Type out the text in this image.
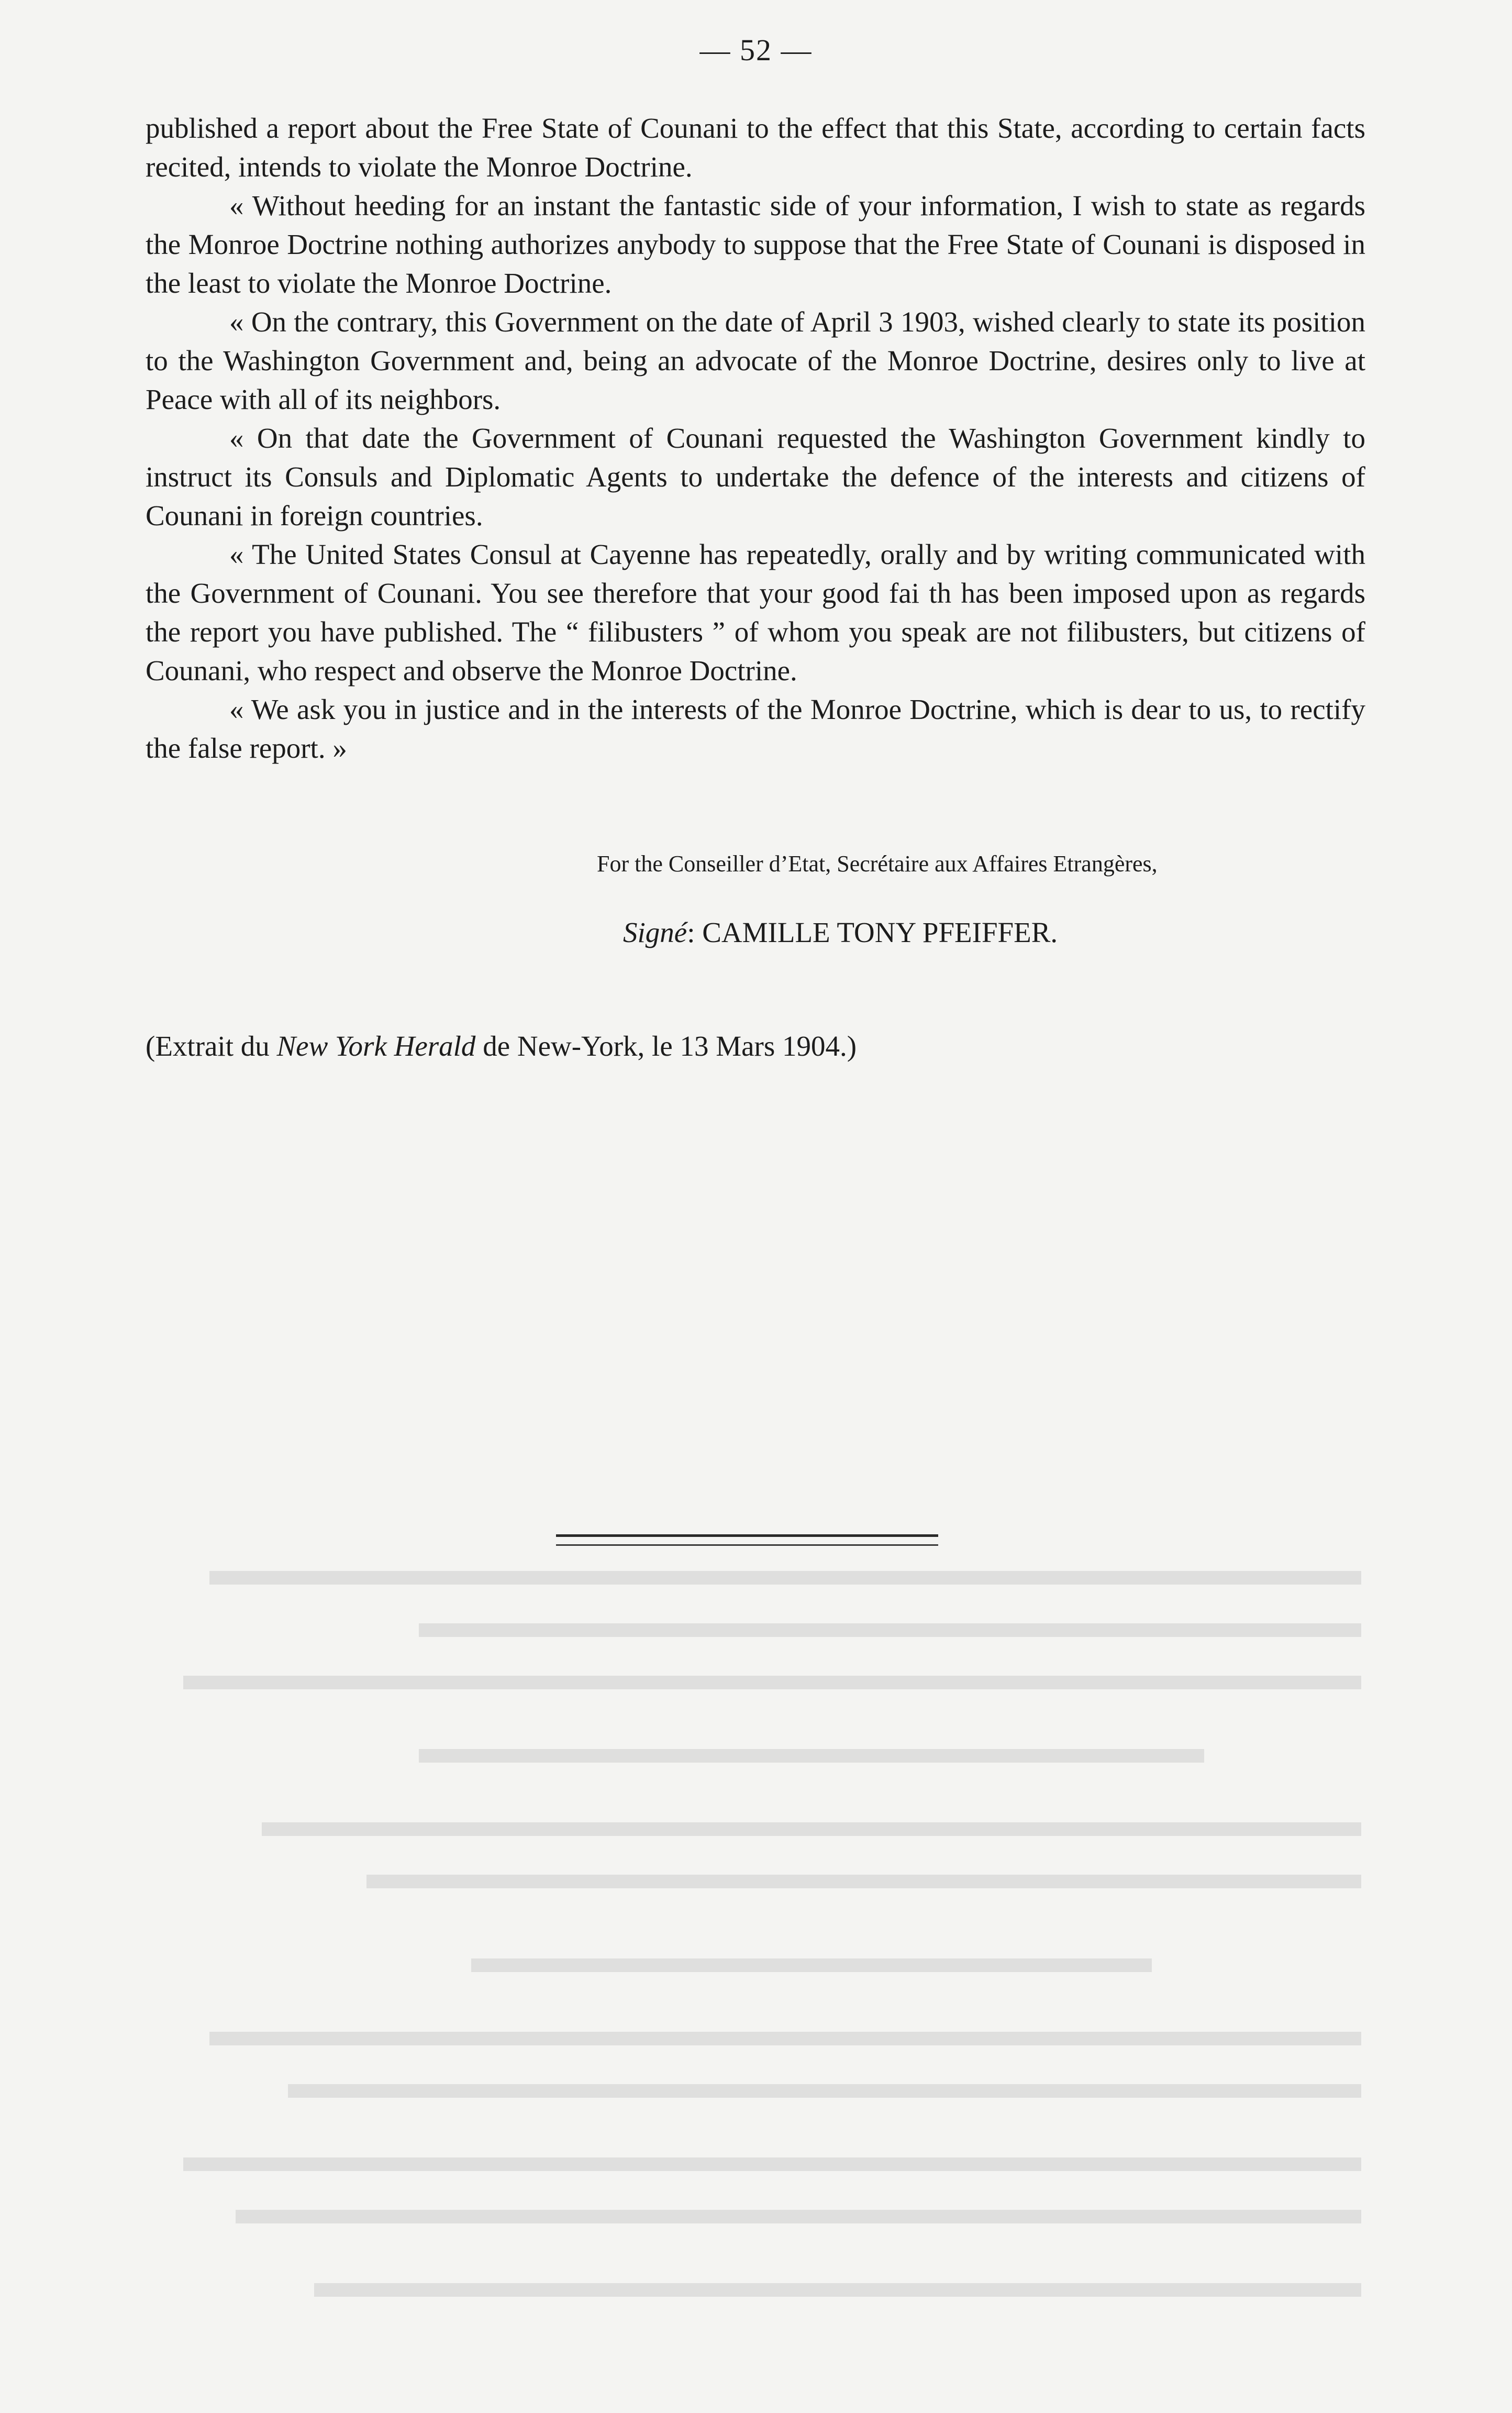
— 52 —

published a report about the Free State of Counani to the effect that this State, according to certain facts recited, intends to violate the Monroe Doctrine.

« Without heeding for an instant the fantastic side of your information, I wish to state as regards the Monroe Doctrine nothing authorizes anybody to suppose that the Free State of Counani is disposed in the least to violate the Monroe Doctrine.

« On the contrary, this Government on the date of April 3 1903, wished clearly to state its position to the Washington Government and, being an advocate of the Monroe Doctrine, desires only to live at Peace with all of its neighbors.

« On that date the Government of Counani requested the Washington Government kindly to instruct its Consuls and Diplomatic Agents to undertake the defence of the interests and citizens of Counani in foreign countries.

« The United States Consul at Cayenne has repeatedly, orally and by writing communicated with the Government of Counani. You see therefore that your good fai th has been imposed upon as regards the report you have published. The “ filibusters ” of whom you speak are not filibusters, but citizens of Counani, who respect and observe the Monroe Doctrine.

« We ask you in justice and in the interests of the Monroe Doctrine, which is dear to us, to rectify the false report. »

For the Conseiller d’Etat, Secrétaire aux Affaires Etrangères,
Signé: CAMILLE TONY PFEIFFER.
(Extrait du New York Herald de New-York, le 13 Mars 1904.)
